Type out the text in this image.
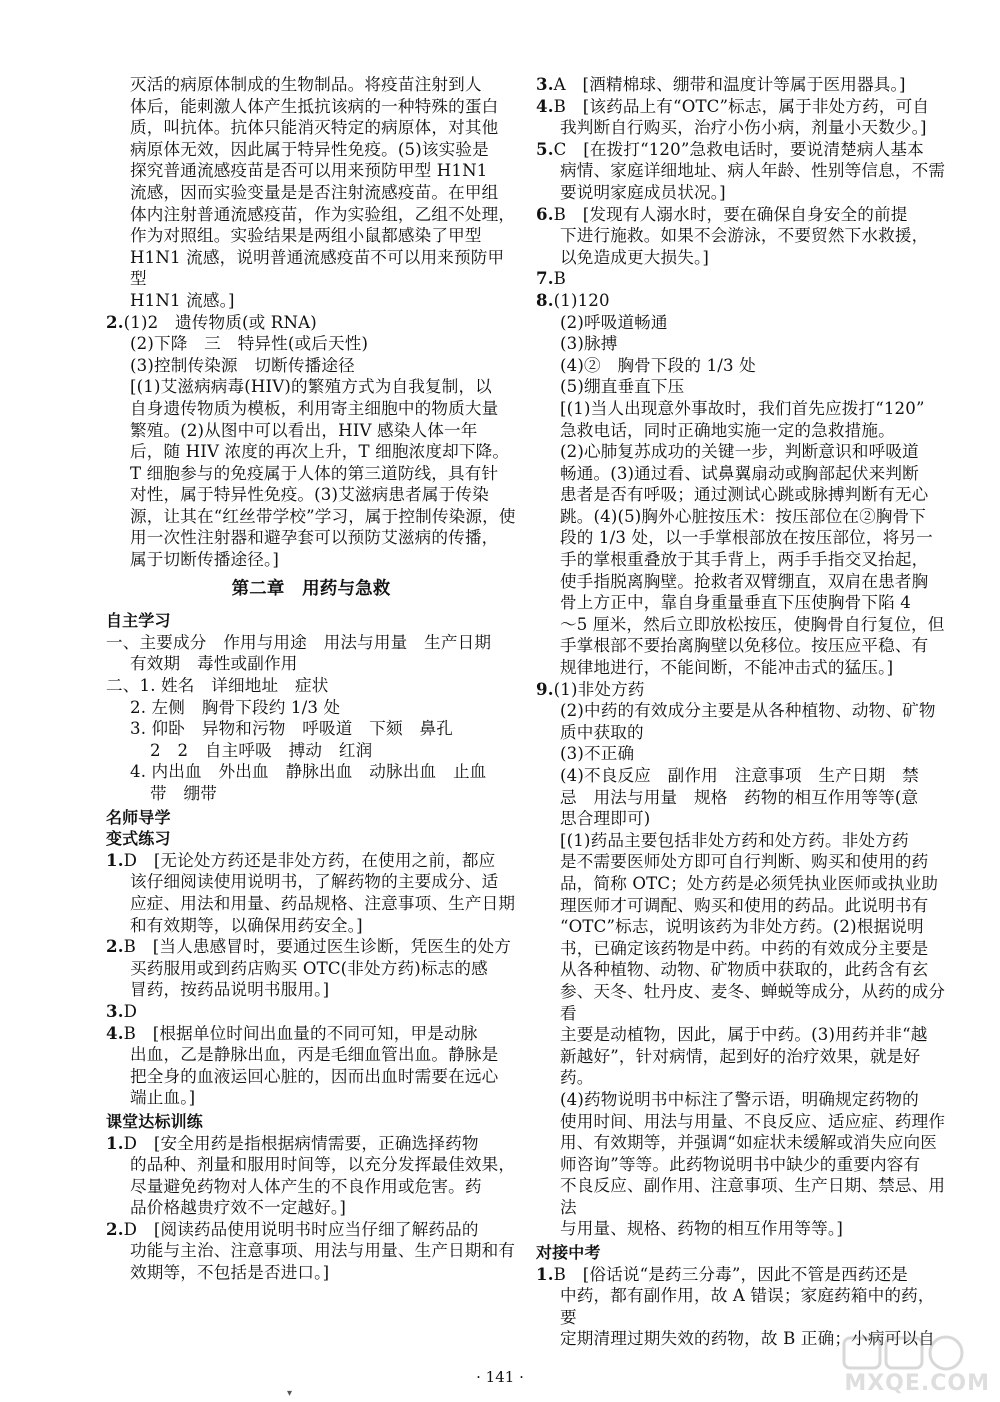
灭活的病原体制成的生物制品。将疫苗注射到人

体后，能刺激人体产生抵抗该病的一种特殊的蛋白

质，叫抗体。抗体只能消灭特定的病原体，对其他

病原体无效，因此属于特异性免疫。(5)该实验是

探究普通流感疫苗是否可以用来预防甲型 H1N1

流感，因而实验变量是是否注射流感疫苗。在甲组

体内注射普通流感疫苗，作为实验组，乙组不处理，

作为对照组。实验结果是两组小鼠都感染了甲型

H1N1 流感，说明普通流感疫苗不可以用来预防甲型

H1N1 流感。]

2.(1)2　遗传物质(或 RNA)

(2)下降　三　特异性(或后天性)

(3)控制传染源　切断传播途径

[(1)艾滋病病毒(HIV)的繁殖方式为自我复制，以

自身遗传物质为模板，利用寄主细胞中的物质大量

繁殖。(2)从图中可以看出，HIV 感染人体一年

后，随 HIV 浓度的再次上升，T 细胞浓度却下降。

T 细胞参与的免疫属于人体的第三道防线，具有针

对性，属于特异性免疫。(3)艾滋病患者属于传染

源，让其在“红丝带学校”学习，属于控制传染源，使

用一次性注射器和避孕套可以预防艾滋病的传播，

属于切断传播途径。]

第二章　用药与急救

自主学习

一、主要成分　作用与用途　用法与用量　生产日期

有效期　毒性或副作用

二、1. 姓名　详细地址　症状

2. 左侧　胸骨下段约 1/3 处

3. 仰卧　异物和污物　呼吸道　下颏　鼻孔

2　2　自主呼吸　搏动　红润

4. 内出血　外出血　静脉出血　动脉出血　止血

带　绷带

名师导学

变式练习

1.D　[无论处方药还是非处方药，在使用之前，都应

该仔细阅读使用说明书，了解药物的主要成分、适

应症、用法和用量、药品规格、注意事项、生产日期

和有效期等，以确保用药安全。]

2.B　[当人患感冒时，要通过医生诊断，凭医生的处方

买药服用或到药店购买 OTC(非处方药)标志的感

冒药，按药品说明书服用。]

3.D

4.B　[根据单位时间出血量的不同可知，甲是动脉

出血，乙是静脉出血，丙是毛细血管出血。静脉是

把全身的血液运回心脏的，因而出血时需要在远心

端止血。]

课堂达标训练

1.D　[安全用药是指根据病情需要，正确选择药物

的品种、剂量和服用时间等，以充分发挥最佳效果，

尽量避免药物对人体产生的不良作用或危害。药

品价格越贵疗效不一定越好。]

2.D　[阅读药品使用说明书时应当仔细了解药品的

功能与主治、注意事项、用法与用量、生产日期和有

效期等，不包括是否进口。]

3.A　[酒精棉球、绷带和温度计等属于医用器具。]

4.B　[该药品上有“OTC”标志，属于非处方药，可自

我判断自行购买，治疗小伤小病，剂量小天数少。]

5.C　[在拨打“120”急救电话时，要说清楚病人基本

病情、家庭详细地址、病人年龄、性别等信息，不需

要说明家庭成员状况。]

6.B　[发现有人溺水时，要在确保自身安全的前提

下进行施救。如果不会游泳，不要贸然下水救援，

以免造成更大损失。]

7.B

8.(1)120

(2)呼吸道畅通

(3)脉搏

(4)②　胸骨下段的 1/3 处

(5)绷直垂直下压

[(1)当人出现意外事故时，我们首先应拨打“120”

急救电话，同时正确地实施一定的急救措施。

(2)心肺复苏成功的关键一步，判断意识和呼吸道

畅通。(3)通过看、试鼻翼扇动或胸部起伏来判断

患者是否有呼吸；通过测试心跳或脉搏判断有无心

跳。(4)(5)胸外心脏按压术：按压部位在②胸骨下

段的 1/3 处，以一手掌根部放在按压部位，将另一

手的掌根重叠放于其手背上，两手手指交叉抬起，

使手指脱离胸壁。抢救者双臂绷直，双肩在患者胸

骨上方正中，靠自身重量垂直下压使胸骨下陷 4

～5 厘米，然后立即放松按压，使胸骨自行复位，但

手掌根部不要抬离胸壁以免移位。按压应平稳、有

规律地进行，不能间断，不能冲击式的猛压。]

9.(1)非处方药

(2)中药的有效成分主要是从各种植物、动物、矿物

质中获取的

(3)不正确

(4)不良反应　副作用　注意事项　生产日期　禁

忌　用法与用量　规格　药物的相互作用等等(意

思合理即可)

[(1)药品主要包括非处方药和处方药。非处方药

是不需要医师处方即可自行判断、购买和使用的药

品，简称 OTC；处方药是必须凭执业医师或执业助

理医师才可调配、购买和使用的药品。此说明书有

“OTC”标志，说明该药为非处方药。(2)根据说明

书，已确定该药物是中药。中药的有效成分主要是

从各种植物、动物、矿物质中获取的，此药含有玄

参、天冬、牡丹皮、麦冬、蝉蜕等成分，从药的成分看

主要是动植物，因此，属于中药。(3)用药并非“越

新越好”，针对病情，起到好的治疗效果，就是好药。

(4)药物说明书中标注了警示语，明确规定药物的

使用时间、用法与用量、不良反应、适应症、药理作

用、有效期等，并强调“如症状未缓解或消失应向医

师咨询”等等。此药物说明书中缺少的重要内容有

不良反应、副作用、注意事项、生产日期、禁忌、用法

与用量、规格、药物的相互作用等等。]

对接中考

1.B　[俗话说“是药三分毒”，因此不管是西药还是

中药，都有副作用，故 A 错误；家庭药箱中的药，要

定期清理过期失效的药物，故 B 正确；小病可以自

· 141 ·
▾	MXQE.COM
